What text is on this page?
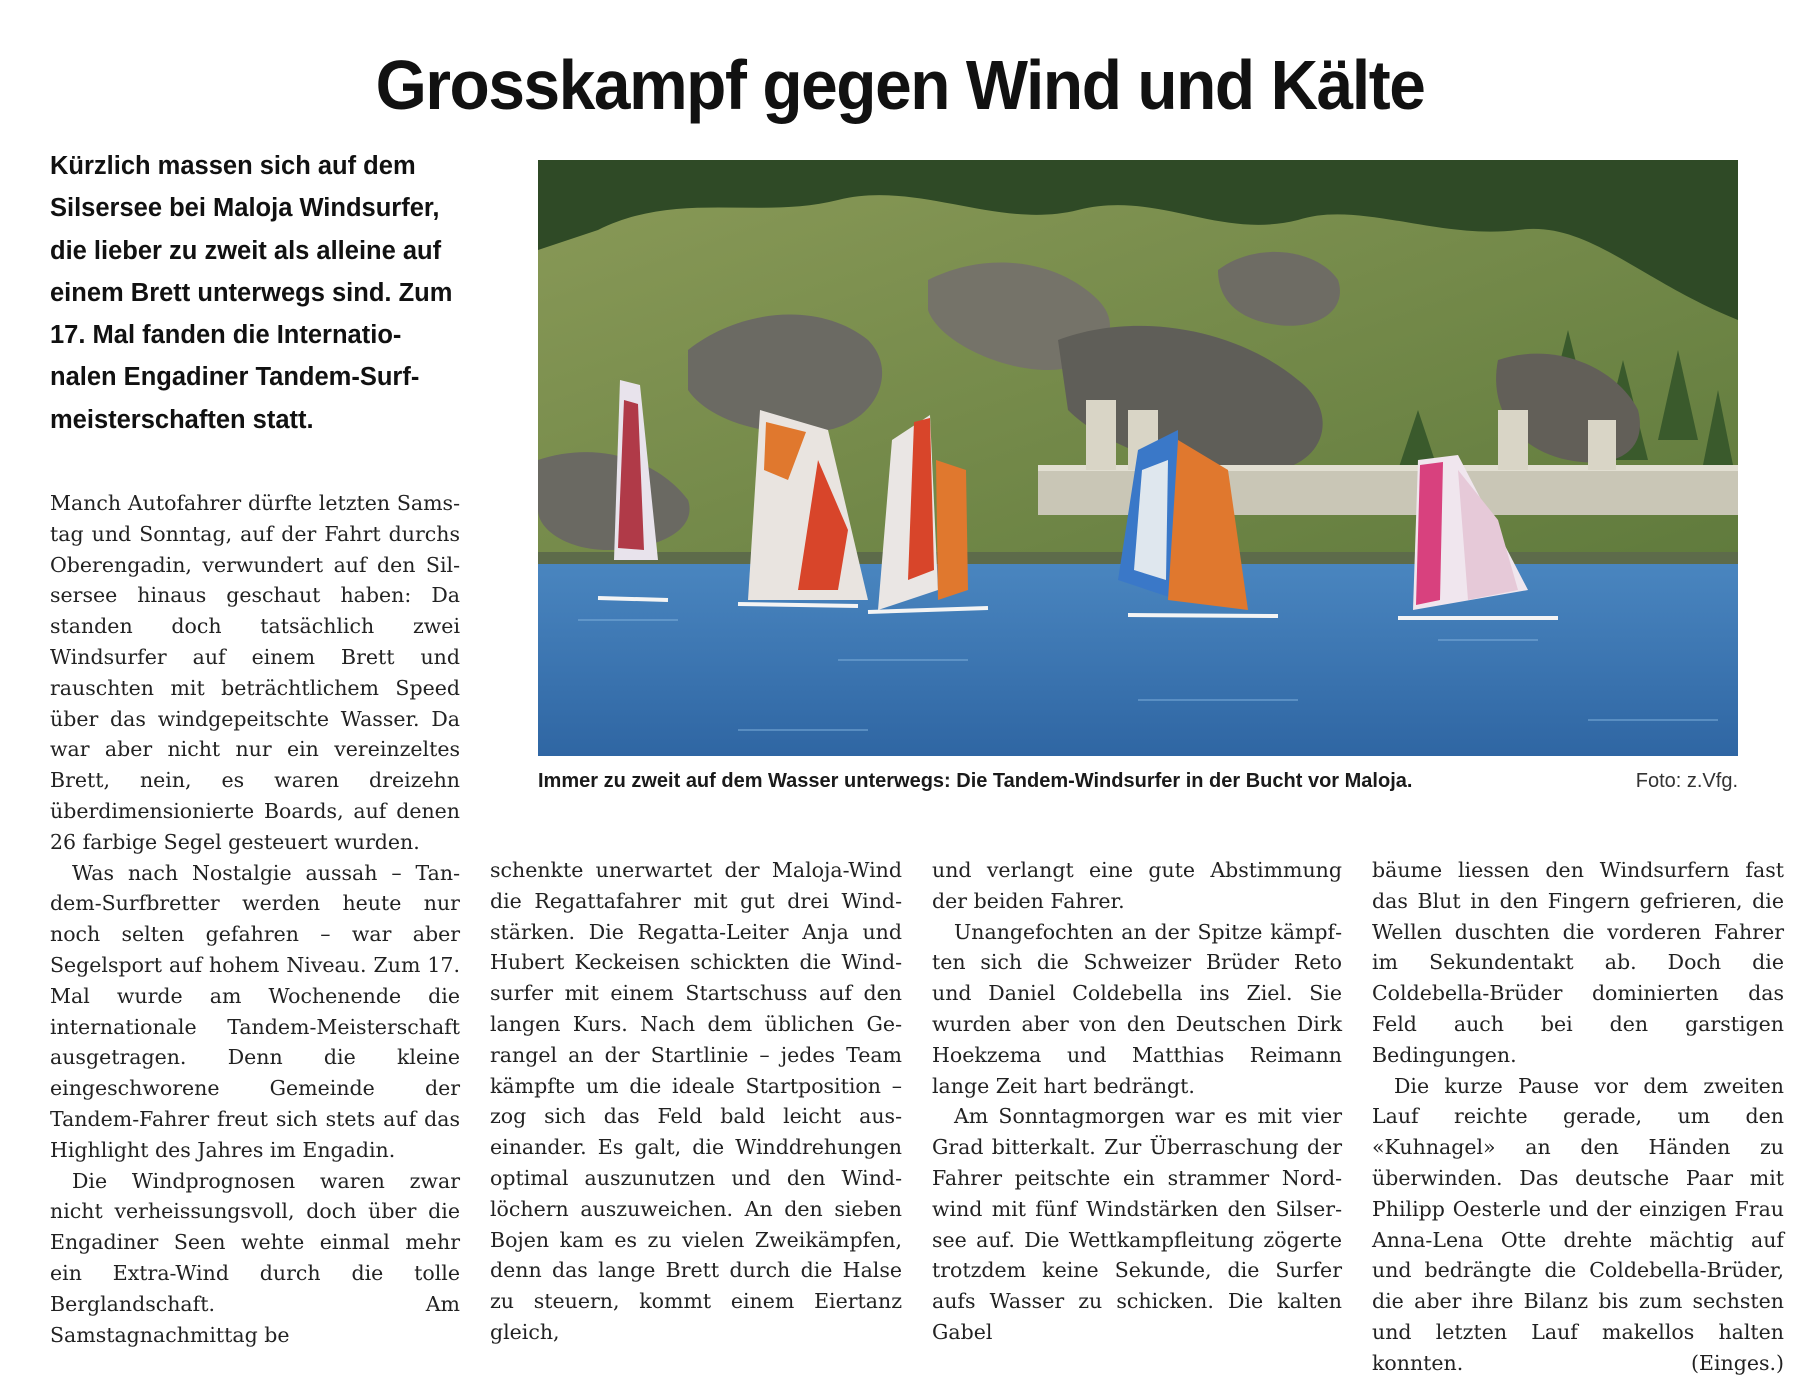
Grosskampf gegen Wind und Kälte
Kürzlich massen sich auf dem
Silsersee bei Maloja Windsurfer,
die lieber zu zweit als alleine auf
einem Brett unterwegs sind. Zum
17. Mal fanden die Internatio-
nalen Engadiner Tandem-Surf-
meisterschaften statt.
Immer zu zweit auf dem Wasser unterwegs: Die Tandem-Windsurfer in der Bucht vor Maloja.	Foto: z.Vfg.

Manch Autofahrer dürfte letzten Samstag und Sonntag, auf der Fahrt durchs Oberengadin, verwundert auf den Silsersee hinaus geschaut haben: Da standen doch tatsächlich zwei Windsurfer auf einem Brett und rauschten mit beträchtlichem Speed über das windgepeitschte Wasser. Da war aber nicht nur ein vereinzeltes Brett, nein, es waren dreizehn überdimensionierte Boards, auf denen 26 farbige Segel gesteuert wurden.

Was nach Nostalgie aussah – Tandem-Surfbretter werden heute nur noch selten gefahren – war aber Segelsport auf hohem Niveau. Zum 17. Mal wurde am Wochenende die internationale Tandem-Meisterschaft ausgetragen. Denn die kleine eingeschworene Gemeinde der Tandem-Fahrer freut sich stets auf das Highlight des Jahres im Engadin.

Die Windprognosen waren zwar nicht verheissungsvoll, doch über die Engadiner Seen wehte einmal mehr ein Extra-Wind durch die tolle Berglandschaft. Am Samstagnachmittag be

schenkte unerwartet der Maloja-Wind die Regattafahrer mit gut drei Windstärken. Die Regatta-Leiter Anja und Hubert Keckeisen schickten die Windsurfer mit einem Startschuss auf den langen Kurs. Nach dem üblichen Gerangel an der Startlinie – jedes Team kämpfte um die ideale Startposition – zog sich das Feld bald leicht auseinander. Es galt, die Winddrehungen optimal auszunutzen und den Windlöchern auszuweichen. An den sieben Bojen kam es zu vielen Zweikämpfen, denn das lange Brett durch die Halse zu steuern, kommt einem Eiertanz gleich,

und verlangt eine gute Abstimmung der beiden Fahrer.

Unangefochten an der Spitze kämpften sich die Schweizer Brüder Reto und Daniel Coldebella ins Ziel. Sie wurden aber von den Deutschen Dirk Hoekzema und Matthias Reimann lange Zeit hart bedrängt.

Am Sonntagmorgen war es mit vier Grad bitterkalt. Zur Überraschung der Fahrer peitschte ein strammer Nordwind mit fünf Windstärken den Silsersee auf. Die Wettkampfleitung zögerte trotzdem keine Sekunde, die Surfer aufs Wasser zu schicken. Die kalten Gabel

bäume liessen den Windsurfern fast das Blut in den Fingern gefrieren, die Wellen duschten die vorderen Fahrer im Sekundentakt ab. Doch die Coldebella-Brüder dominierten das Feld auch bei den garstigen Bedingungen.

Die kurze Pause vor dem zweiten Lauf reichte gerade, um den «Kuhnagel» an den Händen zu überwinden. Das deutsche Paar mit Philipp Oesterle und der einzigen Frau Anna-Lena Otte drehte mächtig auf und bedrängte die Coldebella-Brüder, die aber ihre Bilanz bis zum sechsten und letzten Lauf makellos halten konnten.	(Einges.)
